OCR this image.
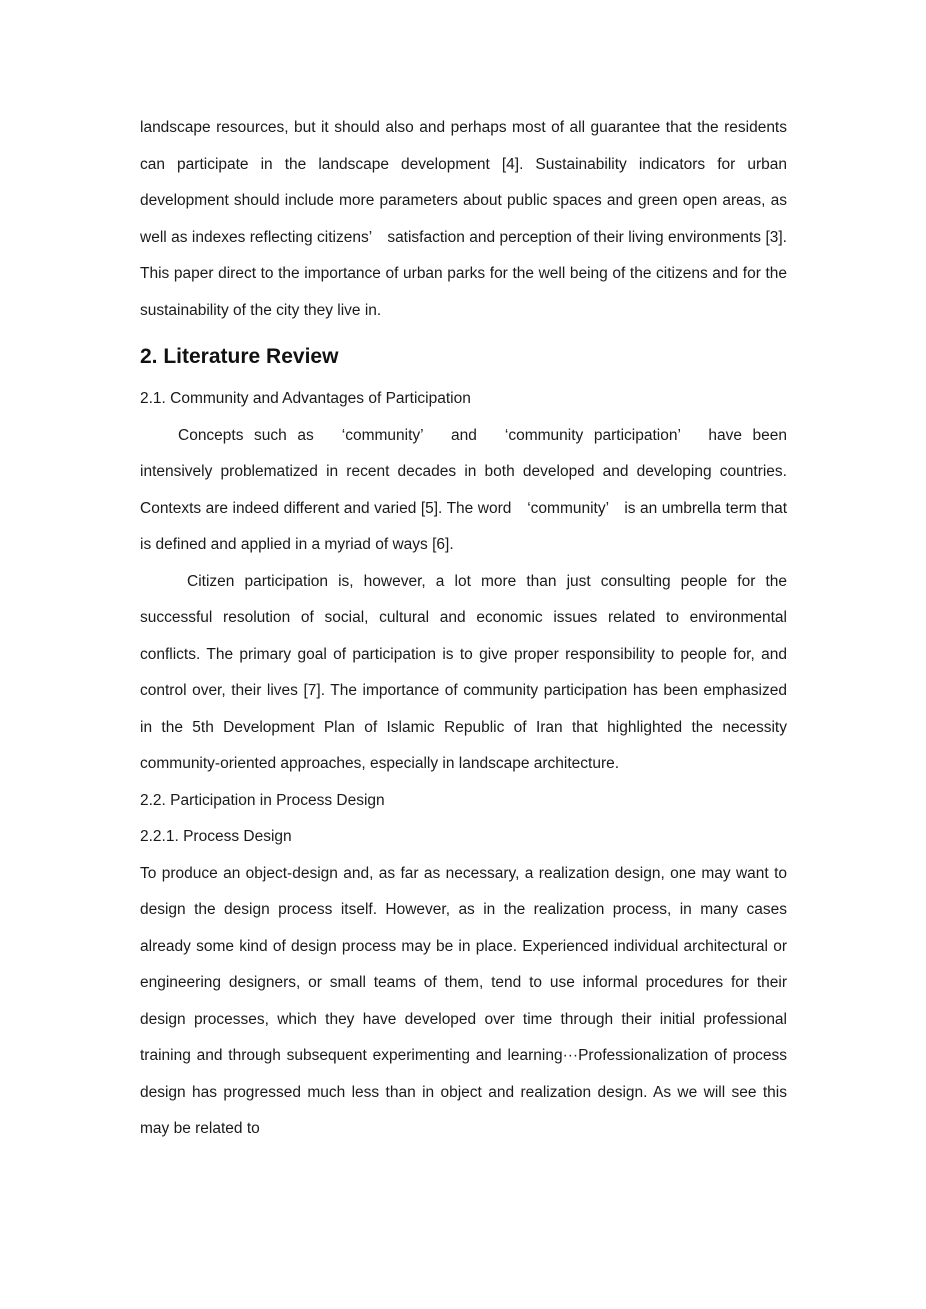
landscape resources, but it should also and perhaps most of all guarantee that the residents can participate in the landscape development [4]. Sustainability indicators for urban development should include more parameters about public spaces and green open areas, as well as indexes reflecting citizens’　satisfaction and perception of their living environments [3]. This paper direct to the importance of urban parks for the well being of the citizens and for the sustainability of the city they live in.

2. Literature Review

2.1. Community and Advantages of Participation

Concepts such as　‘community’　and　‘community participation’　have been intensively problematized in recent decades in both developed and developing countries. Contexts are indeed different and varied [5]. The word　‘community’　is an umbrella term that is defined and applied in a myriad of ways [6].

Citizen participation is, however, a lot more than just consulting people for the successful resolution of social, cultural and economic issues related to environmental conflicts. The primary goal of participation is to give proper responsibility to people for, and control over, their lives [7]. The importance of community participation has been emphasized in the 5th Development Plan of Islamic Republic of Iran that highlighted the necessity community-oriented approaches, especially in landscape architecture.

2.2. Participation in Process Design

2.2.1. Process Design

To produce an object-design and, as far as necessary, a realization design, one may want to design the design process itself. However, as in the realization process, in many cases already some kind of design process may be in place. Experienced individual architectural or engineering designers, or small teams of them, tend to use informal procedures for their design processes, which they have developed over time through their initial professional training and through subsequent experimenting and learning···Professionalization of process design has progressed much less than in object and realization design. As we will see this may be related to
